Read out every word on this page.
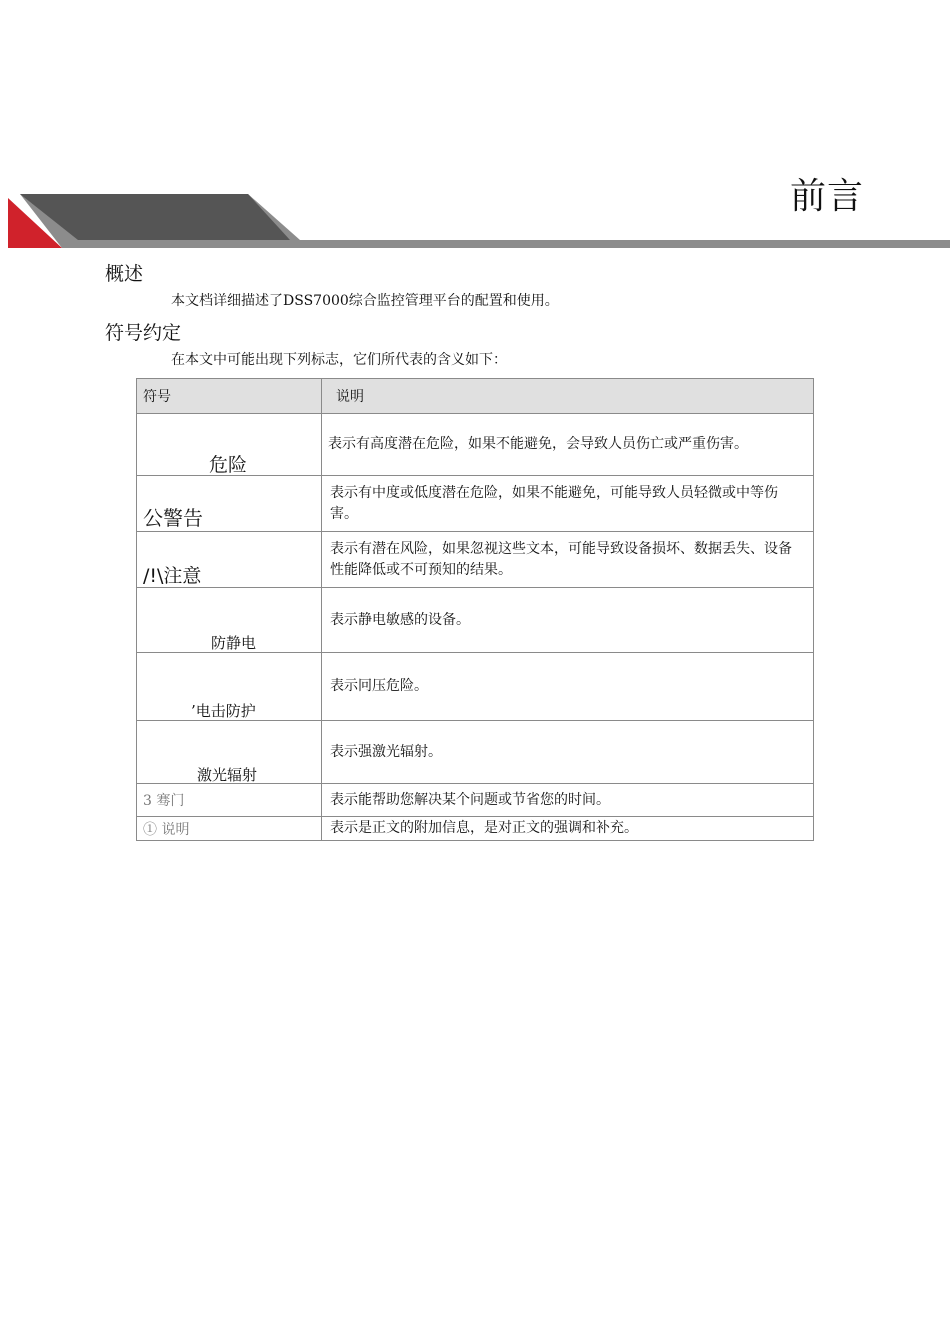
前言
概述
本文档详细描述了DSS7000综合监控管理平台的配置和使用。
符号约定
在本文中可能出现下列标志，它们所代表的含义如下：
符号	说明

危险	表示有高度潜在危险，如果不能避免，会导致人员伤亡或严重伤害。

公警告	表示有中度或低度潜在危险，如果不能避免，可能导致人员轻微或中等伤害。

/!\注意	表示有潜在风险，如果忽视这些文本，可能导致设备损坏、数据丢失、设备性能降低或不可预知的结果。

防静电	表示静电敏感的设备。

’电击防护	表示冋压危险。

激光辐射	表示强激光辐射。

3 骞门	表示能帮助您解决某个问题或节省您的时间。

① 说明	表示是正文的附加信息，是对正文的强调和补充。
